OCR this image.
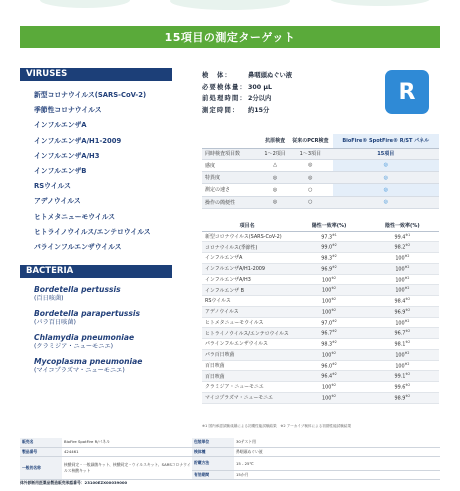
15項目の測定ターゲット
VIRUSES
新型コロナウイルス(SARS-CoV-2)
季節性コロナウイルス
インフルエンザA
インフルエンザA/H1-2009
インフルエンザA/H3
インフルエンザB
RSウイルス
アデノウイルス
ヒトメタニューモウイルス
ヒトライノウイルス/エンテロウイルス
パラインフルエンザウイルス
BACTERIA
Bordetella pertussis
(百日咳菌)
Bordetella parapertussis
(パラ百日咳菌)
Chlamydia pneumoniae
(クラミジア・ニューモニエ)
Mycoplasma pneumoniae
(マイコプラズマ・ニューモニエ)
検　体：	鼻咽頭ぬぐい液
必要検体量： 300 μL
前処理時間： 2分以内
測定時間：	約15分
R
	抗原検査	従来のPCR検査	BioFire® SpotFire® R/ST パネル
同時検査項目数	1〜2項目	1〜3項目	15項目
感度	△	◎	◎
特異度	◎	◎	◎
測定の速さ	◎	○	◎
操作の簡便性	◎	○	◎
項目名	陽性一致率(%)	陰性一致率(%)
新型コロナウイルス(SARS-CoV-2)	97.3$^{※1}$	99.4$^{※1}$
コロナウイルス(季節性)	99.0$^{※2}$	98.2$^{※2}$
インフルエンザA	98.3$^{※2}$	100$^{※2}$
インフルエンザA/H1-2009	96.9$^{※2}$	100$^{※2}$
インフルエンザA/H3	100$^{※2}$	100$^{※2}$
インフルエンザ B	100$^{※2}$	100$^{※2}$
RSウイルス	100$^{※2}$	98.4$^{※2}$
アデノウイルス	100$^{※2}$	96.9$^{※2}$
ヒトメタニューモウイルス	97.0$^{※2}$	100$^{※2}$
ヒトライノウイルス/エンテロウイルス	96.7$^{※2}$	96.7$^{※2}$
パラインフルエンザウイルス	98.3$^{※2}$	98.1$^{※2}$
パラ百日咳菌	100$^{※2}$	100$^{※2}$
百日咳菌	96.0$^{※2}$	100$^{※2}$
百日咳菌	96.4$^{※2}$	99.1$^{※2}$
クラミジア・ニューモニエ	100$^{※2}$	99.6$^{※2}$
マイコプラズマ・ニューモニエ	100$^{※2}$	98.9$^{※2}$
※1 国内承認試験成績による初期性能試験結果　※2 アーカイブ検体による初期性能試験結果
販売名	BioFire SpotFire R/パネル	包装単位	30テスト用
製品番号	424461	検体種	鼻咽頭ぬぐい液
一般的名称	核酸同定・一般細菌キット、核酸同定・ウイルスキット、SARSコロナウイルス核酸キット	貯蔵方法	15 - 25℃
		有効期間	15か月
体外診断用医薬品製造販売承認番号：23100EZX00039000
